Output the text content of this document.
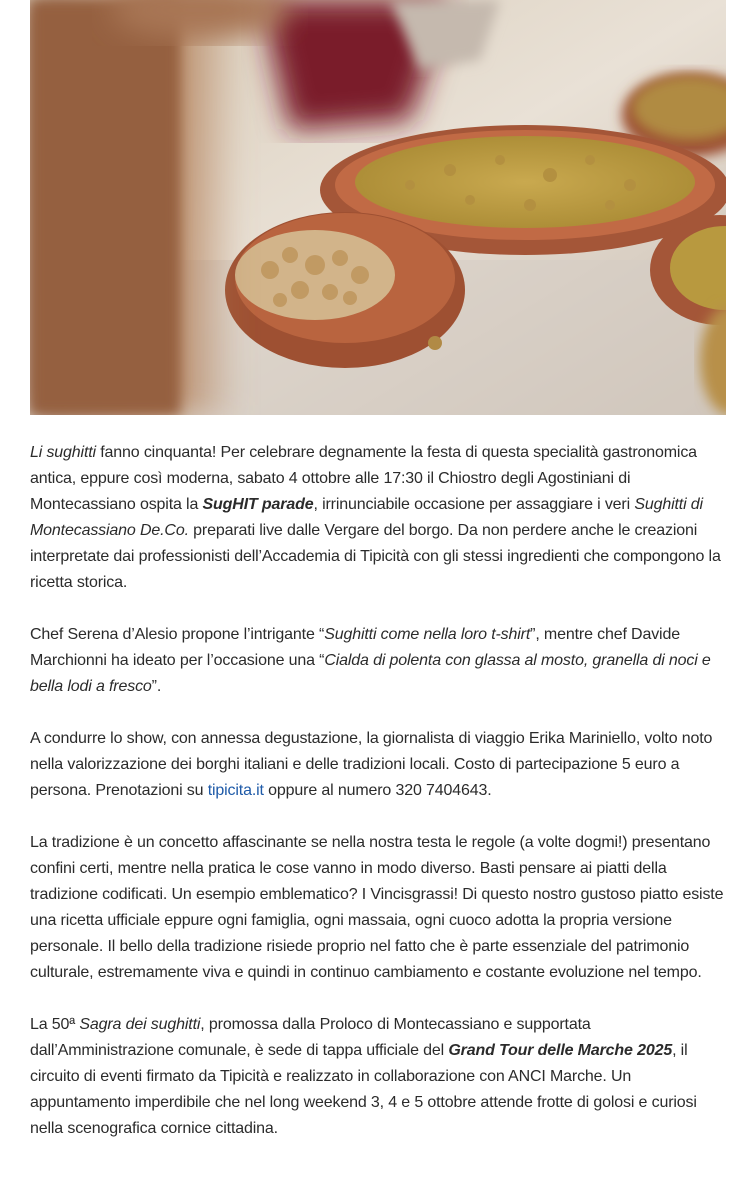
Li sughitti fanno cinquanta! Per celebrare degnamente la festa di questa specialità gastronomica antica, eppure così moderna, sabato 4 ottobre alle 17:30 il Chiostro degli Agostiniani di Montecassiano ospita la SugHIT parade, irrinunciabile occasione per assaggiare i veri Sughitti di Montecassiano De.Co. preparati live dalle Vergare del borgo. Da non perdere anche le creazioni interpretate dai professionisti dell’Accademia di Tipicità con gli stessi ingredienti che compongono la ricetta storica.

Chef Serena d’Alesio propone l’intrigante “Sughitti come nella loro t-shirt”, mentre chef Davide Marchionni ha ideato per l’occasione una “Cialda di polenta con glassa al mosto, granella di noci e bella lodi a fresco”.

A condurre lo show, con annessa degustazione, la giornalista di viaggio Erika Mariniello, volto noto nella valorizzazione dei borghi italiani e delle tradizioni locali. Costo di partecipazione 5 euro a persona. Prenotazioni su tipicita.it oppure al numero 320 7404643.

La tradizione è un concetto affascinante se nella nostra testa le regole (a volte dogmi!) presentano confini certi, mentre nella pratica le cose vanno in modo diverso. Basti pensare ai piatti della tradizione codificati. Un esempio emblematico? I Vincisgrassi! Di questo nostro gustoso piatto esiste una ricetta ufficiale eppure ogni famiglia, ogni massaia, ogni cuoco adotta la propria versione personale. Il bello della tradizione risiede proprio nel fatto che è parte essenziale del patrimonio culturale, estremamente viva e quindi in continuo cambiamento e costante evoluzione nel tempo.

La 50ª Sagra dei sughitti, promossa dalla Proloco di Montecassiano e supportata dall’Amministrazione comunale, è sede di tappa ufficiale del Grand Tour delle Marche 2025, il circuito di eventi firmato da Tipicità e realizzato in collaborazione con ANCI Marche. Un appuntamento imperdibile che nel long weekend 3, 4 e 5 ottobre attende frotte di golosi e curiosi nella scenografica cornice cittadina.
